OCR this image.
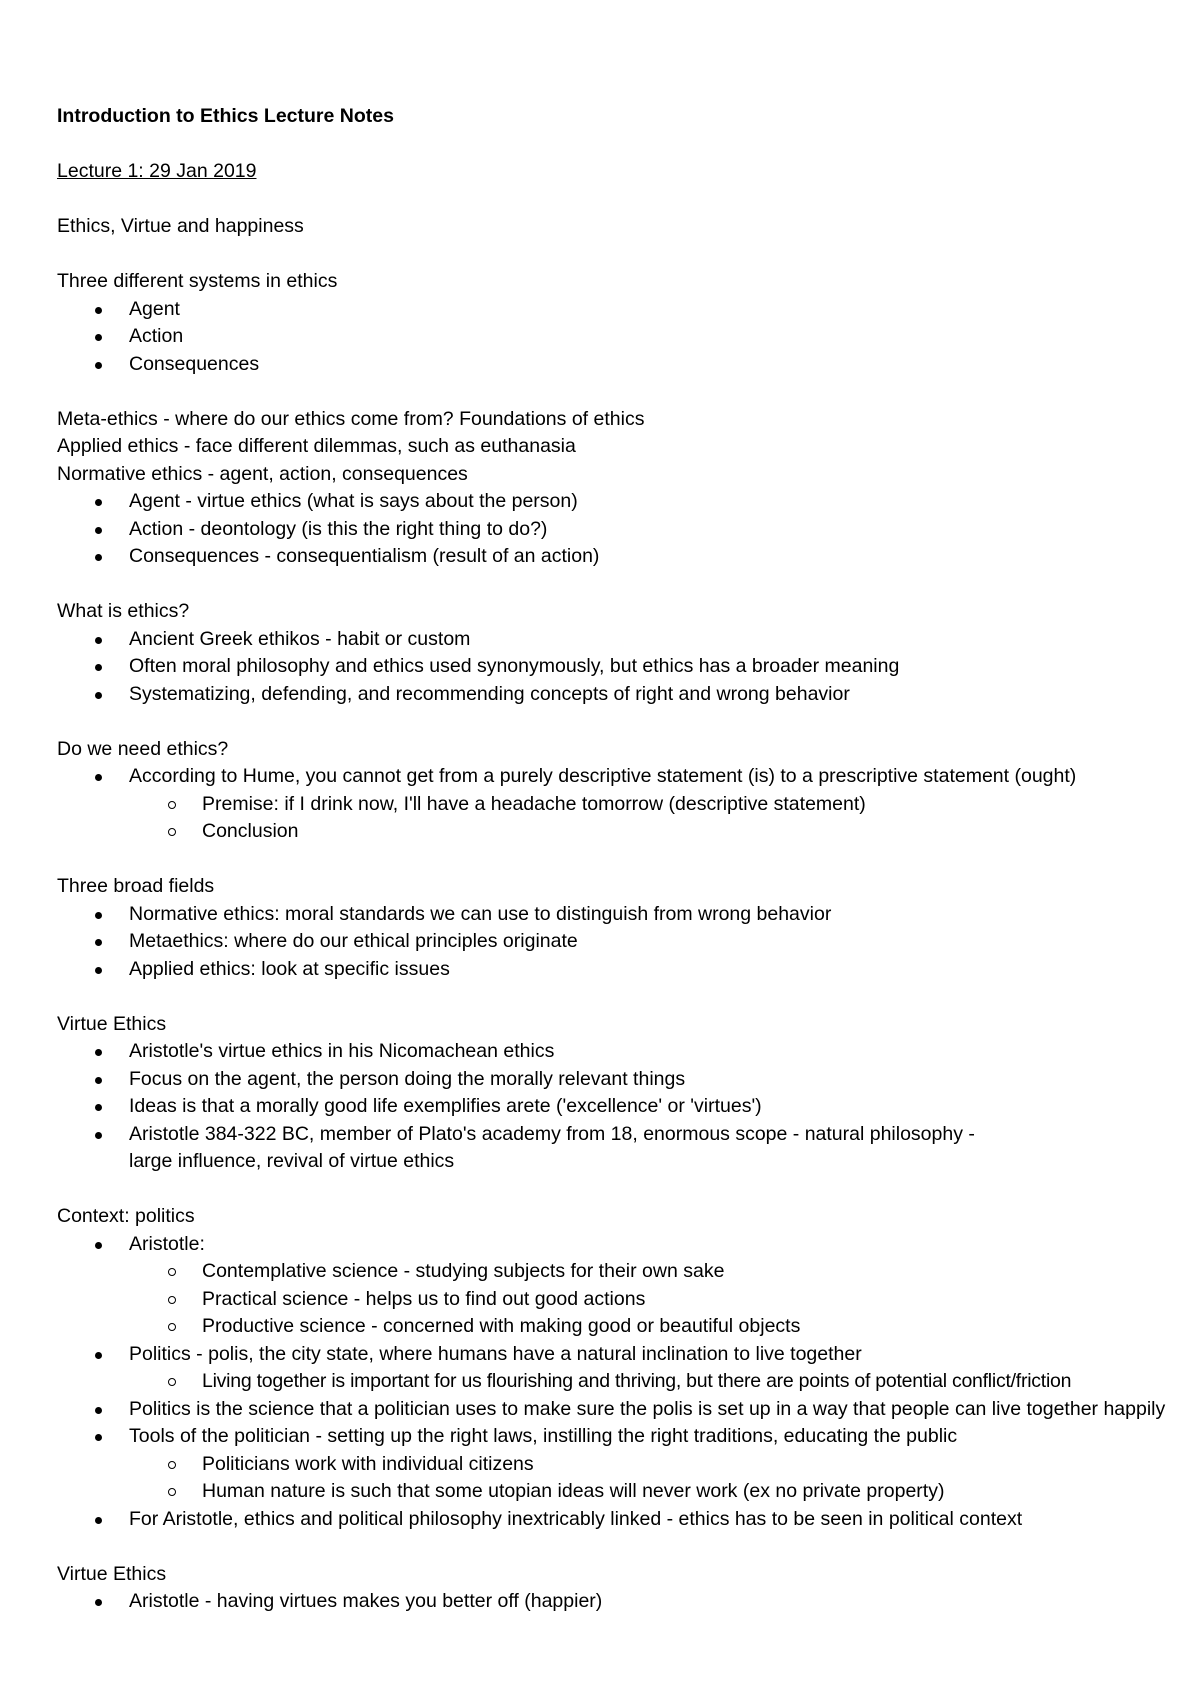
Introduction to Ethics Lecture Notes
Lecture 1: 29 Jan 2019
Ethics, Virtue and happiness
Three different systems in ethics
Agent
Action
Consequences
Meta-ethics - where do our ethics come from? Foundations of ethics
Applied ethics - face different dilemmas, such as euthanasia
Normative ethics - agent, action, consequences
Agent - virtue ethics (what is says about the person)
Action - deontology (is this the right thing to do?)
Consequences - consequentialism (result of an action)
What is ethics?
Ancient Greek ethikos - habit or custom
Often moral philosophy and ethics used synonymously, but ethics has a broader meaning
Systematizing, defending, and recommending concepts of right and wrong behavior
Do we need ethics?
According to Hume, you cannot get from a purely descriptive statement (is) to a prescriptive statement (ought)
Premise: if I drink now, I'll have a headache tomorrow (descriptive statement)
Conclusion
Three broad fields
Normative ethics: moral standards we can use to distinguish from wrong behavior
Metaethics: where do our ethical principles originate
Applied ethics: look at specific issues
Virtue Ethics
Aristotle's virtue ethics in his Nicomachean ethics
Focus on the agent, the person doing the morally relevant things
Ideas is that a morally good life exemplifies arete ('excellence' or 'virtues')
Aristotle 384-322 BC, member of Plato's academy from 18, enormous scope - natural philosophy - large influence, revival of virtue ethics
Context: politics
Aristotle:
Contemplative science - studying subjects for their own sake
Practical science - helps us to find out good actions
Productive science - concerned with making good or beautiful objects
Politics - polis, the city state, where humans have a natural inclination to live together
Living together is important for us flourishing and thriving, but there are points of potential conflict/friction
Politics is the science that a politician uses to make sure the polis is set up in a way that people can live together happily
Tools of the politician - setting up the right laws, instilling the right traditions, educating the public
Politicians work with individual citizens
Human nature is such that some utopian ideas will never work (ex no private property)
For Aristotle, ethics and political philosophy inextricably linked - ethics has to be seen in political context
Virtue Ethics
Aristotle - having virtues makes you better off (happier)
